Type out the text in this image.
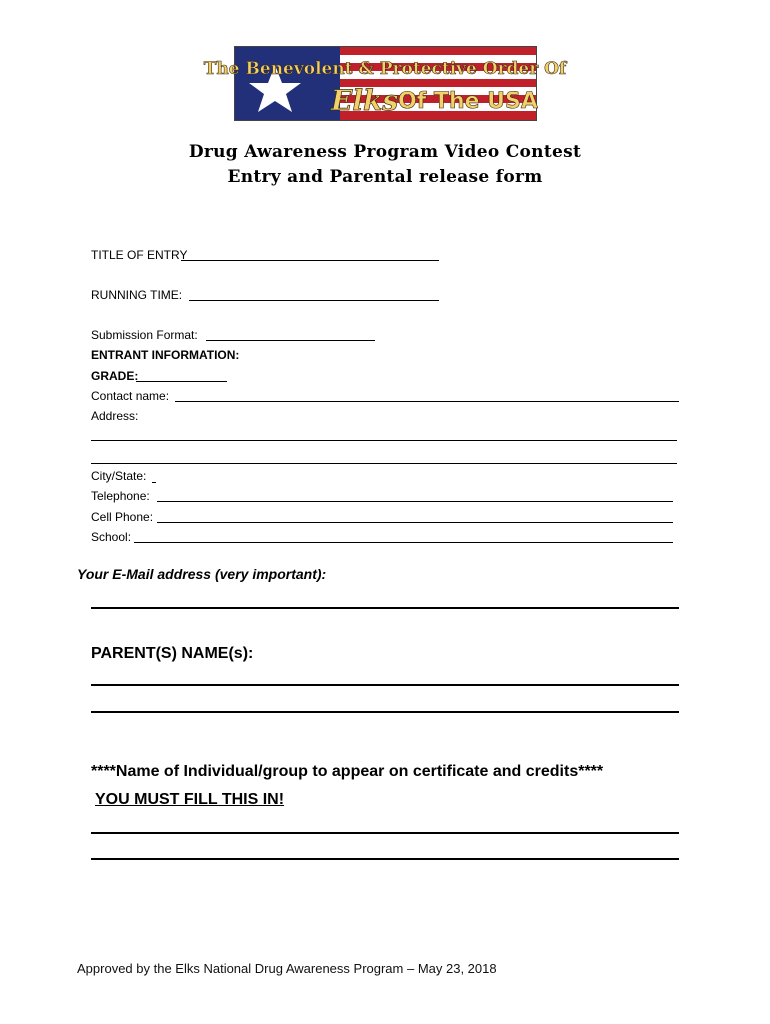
The Benevolent & Protective Order Of
Elks Of The USA
Drug Awareness Program Video Contest
Entry and Parental release form
TITLE OF ENTRY
RUNNING TIME:
Submission Format:
ENTRANT INFORMATION:
GRADE:
Contact name:
Address:
City/State:
Telephone:
Cell Phone:
School:
Your E-Mail address (very important):
PARENT(S) NAME(s):
****Name of Individual/group to appear on certificate and credits****
YOU MUST FILL THIS IN!
Approved by the Elks National Drug Awareness Program – May 23, 2018
